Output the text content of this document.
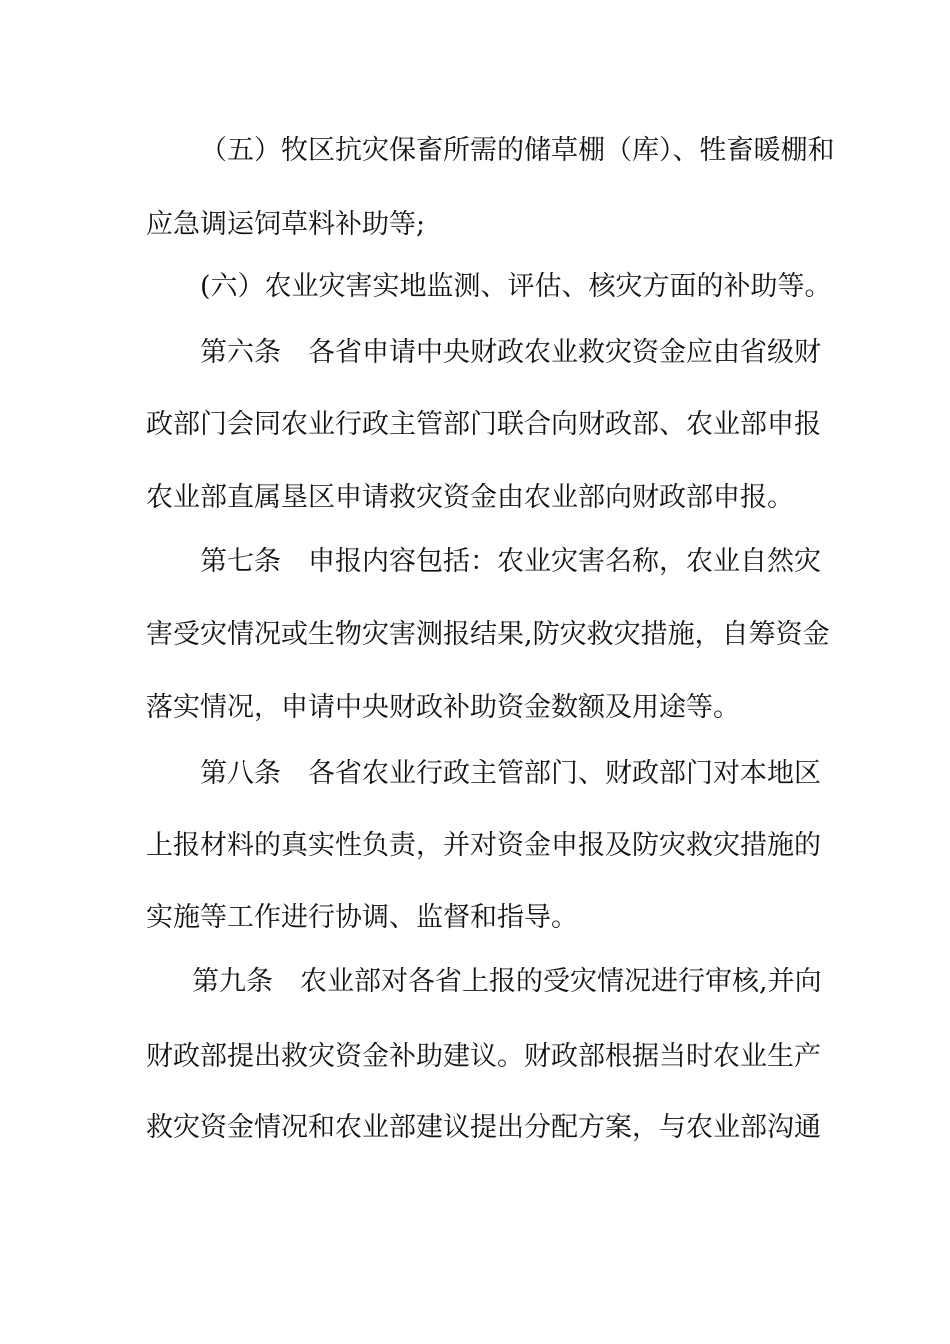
（五）牧区抗灾保畜所需的储草棚（库）、牲畜暖棚和
应急调运饲草料补助等;
(六）农业灾害实地监测、评估、核灾方面的补助等。
第六条　各省申请中央财政农业救灾资金应由省级财
政部门会同农业行政主管部门联合向财政部、农业部申报
农业部直属垦区申请救灾资金由农业部向财政部申报。
第七条　申报内容包括：农业灾害名称，农业自然灾
害受灾情况或生物灾害测报结果,防灾救灾措施，自筹资金
落实情况，申请中央财政补助资金数额及用途等。
第八条　各省农业行政主管部门、财政部门对本地区
上报材料的真实性负责，并对资金申报及防灾救灾措施的
实施等工作进行协调、监督和指导。
第九条　农业部对各省上报的受灾情况进行审核,并向
财政部提出救灾资金补助建议。财政部根据当时农业生产
救灾资金情况和农业部建议提出分配方案，与农业部沟通
